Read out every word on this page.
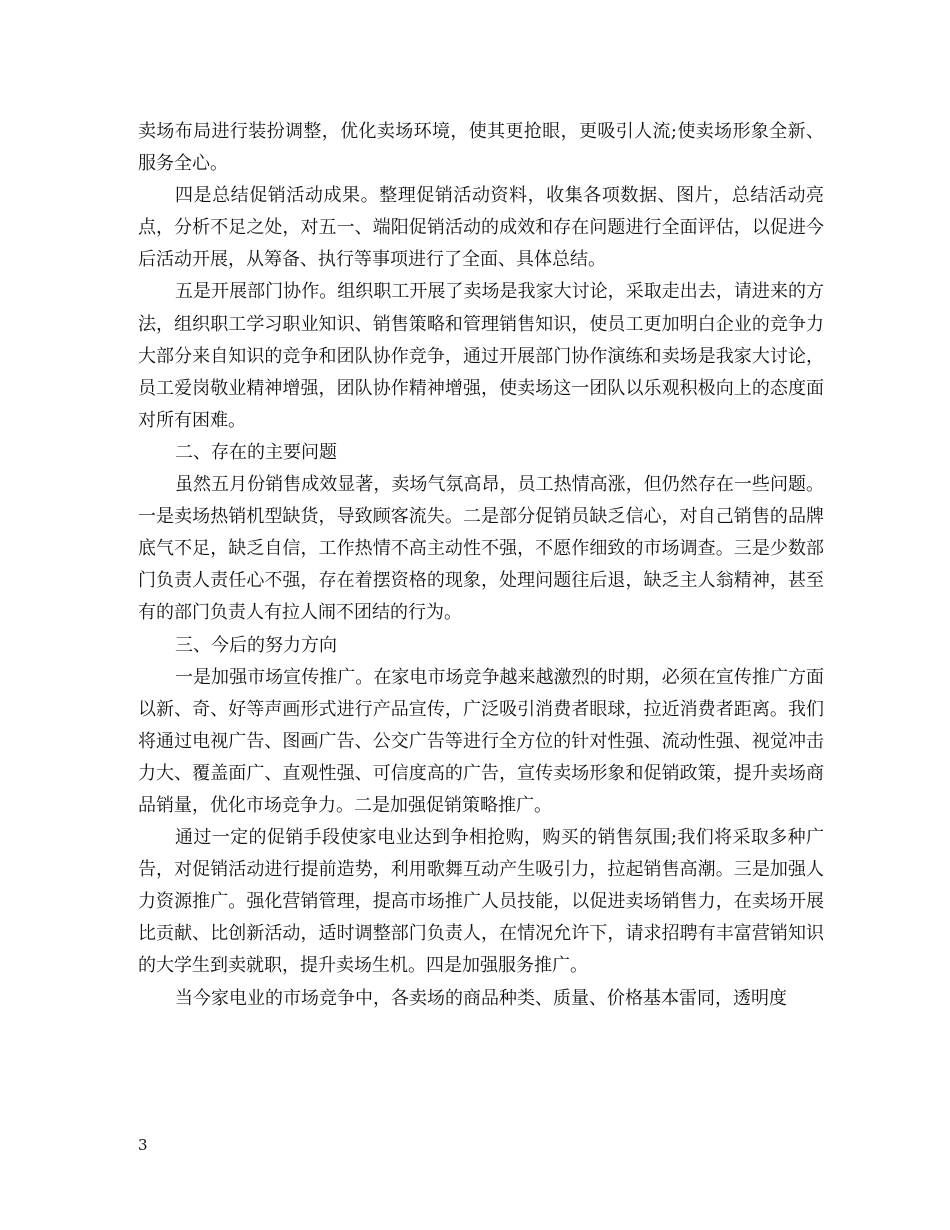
卖场布局进行装扮调整，优化卖场环境，使其更抢眼，更吸引人流;使卖场形象全新、服务全心。

四是总结促销活动成果。整理促销活动资料，收集各项数据、图片，总结活动亮点，分析不足之处，对五一、端阳促销活动的成效和存在问题进行全面评估，以促进今后活动开展，从筹备、执行等事项进行了全面、具体总结。

五是开展部门协作。组织职工开展了卖场是我家大讨论，采取走出去，请进来的方法，组织职工学习职业知识、销售策略和管理销售知识，使员工更加明白企业的竞争力大部分来自知识的竞争和团队协作竞争，通过开展部门协作演练和卖场是我家大讨论，员工爱岗敬业精神增强，团队协作精神增强，使卖场这一团队以乐观积极向上的态度面对所有困难。

二、存在的主要问题

虽然五月份销售成效显著，卖场气氛高昂，员工热情高涨，但仍然存在一些问题。一是卖场热销机型缺货，导致顾客流失。二是部分促销员缺乏信心，对自己销售的品牌底气不足，缺乏自信，工作热情不高主动性不强，不愿作细致的市场调查。三是少数部门负责人责任心不强，存在着摆资格的现象，处理问题往后退，缺乏主人翁精神，甚至有的部门负责人有拉人闹不团结的行为。

三、今后的努力方向

一是加强市场宣传推广。在家电市场竞争越来越激烈的时期，必须在宣传推广方面以新、奇、好等声画形式进行产品宣传，广泛吸引消费者眼球，拉近消费者距离。我们将通过电视广告、图画广告、公交广告等进行全方位的针对性强、流动性强、视觉冲击力大、覆盖面广、直观性强、可信度高的广告，宣传卖场形象和促销政策，提升卖场商品销量，优化市场竞争力。二是加强促销策略推广。

通过一定的促销手段使家电业达到争相抢购，购买的销售氛围;我们将采取多种广告，对促销活动进行提前造势，利用歌舞互动产生吸引力，拉起销售高潮。三是加强人力资源推广。强化营销管理，提高市场推广人员技能，以促进卖场销售力，在卖场开展比贡献、比创新活动，适时调整部门负责人，在情况允许下，请求招聘有丰富营销知识的大学生到卖就职，提升卖场生机。四是加强服务推广。

当今家电业的市场竞争中，各卖场的商品种类、质量、价格基本雷同，透明度

3
